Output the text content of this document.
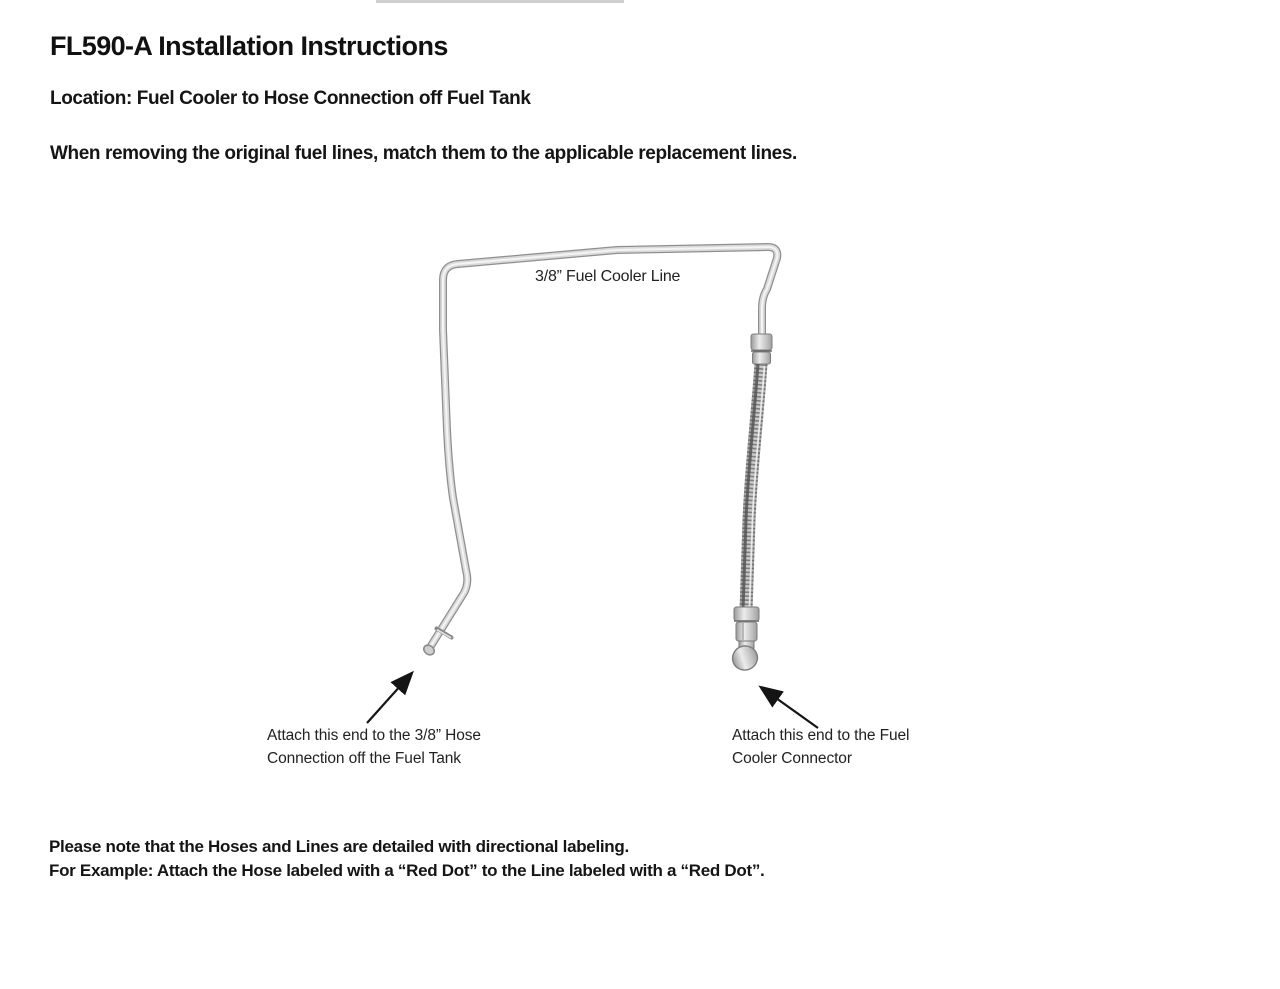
FL590-A Installation Instructions
Location: Fuel Cooler to Hose Connection off Fuel Tank
When removing the original fuel lines, match them to the applicable replacement lines.
3/8” Fuel Cooler Line
Attach this end to the 3/8” Hose
Connection off the Fuel Tank
Attach this end to the Fuel
Cooler Connector
Please note that the Hoses and Lines are detailed with directional labeling.
For Example: Attach the Hose labeled with a “Red Dot” to the Line labeled with a “Red Dot”.
